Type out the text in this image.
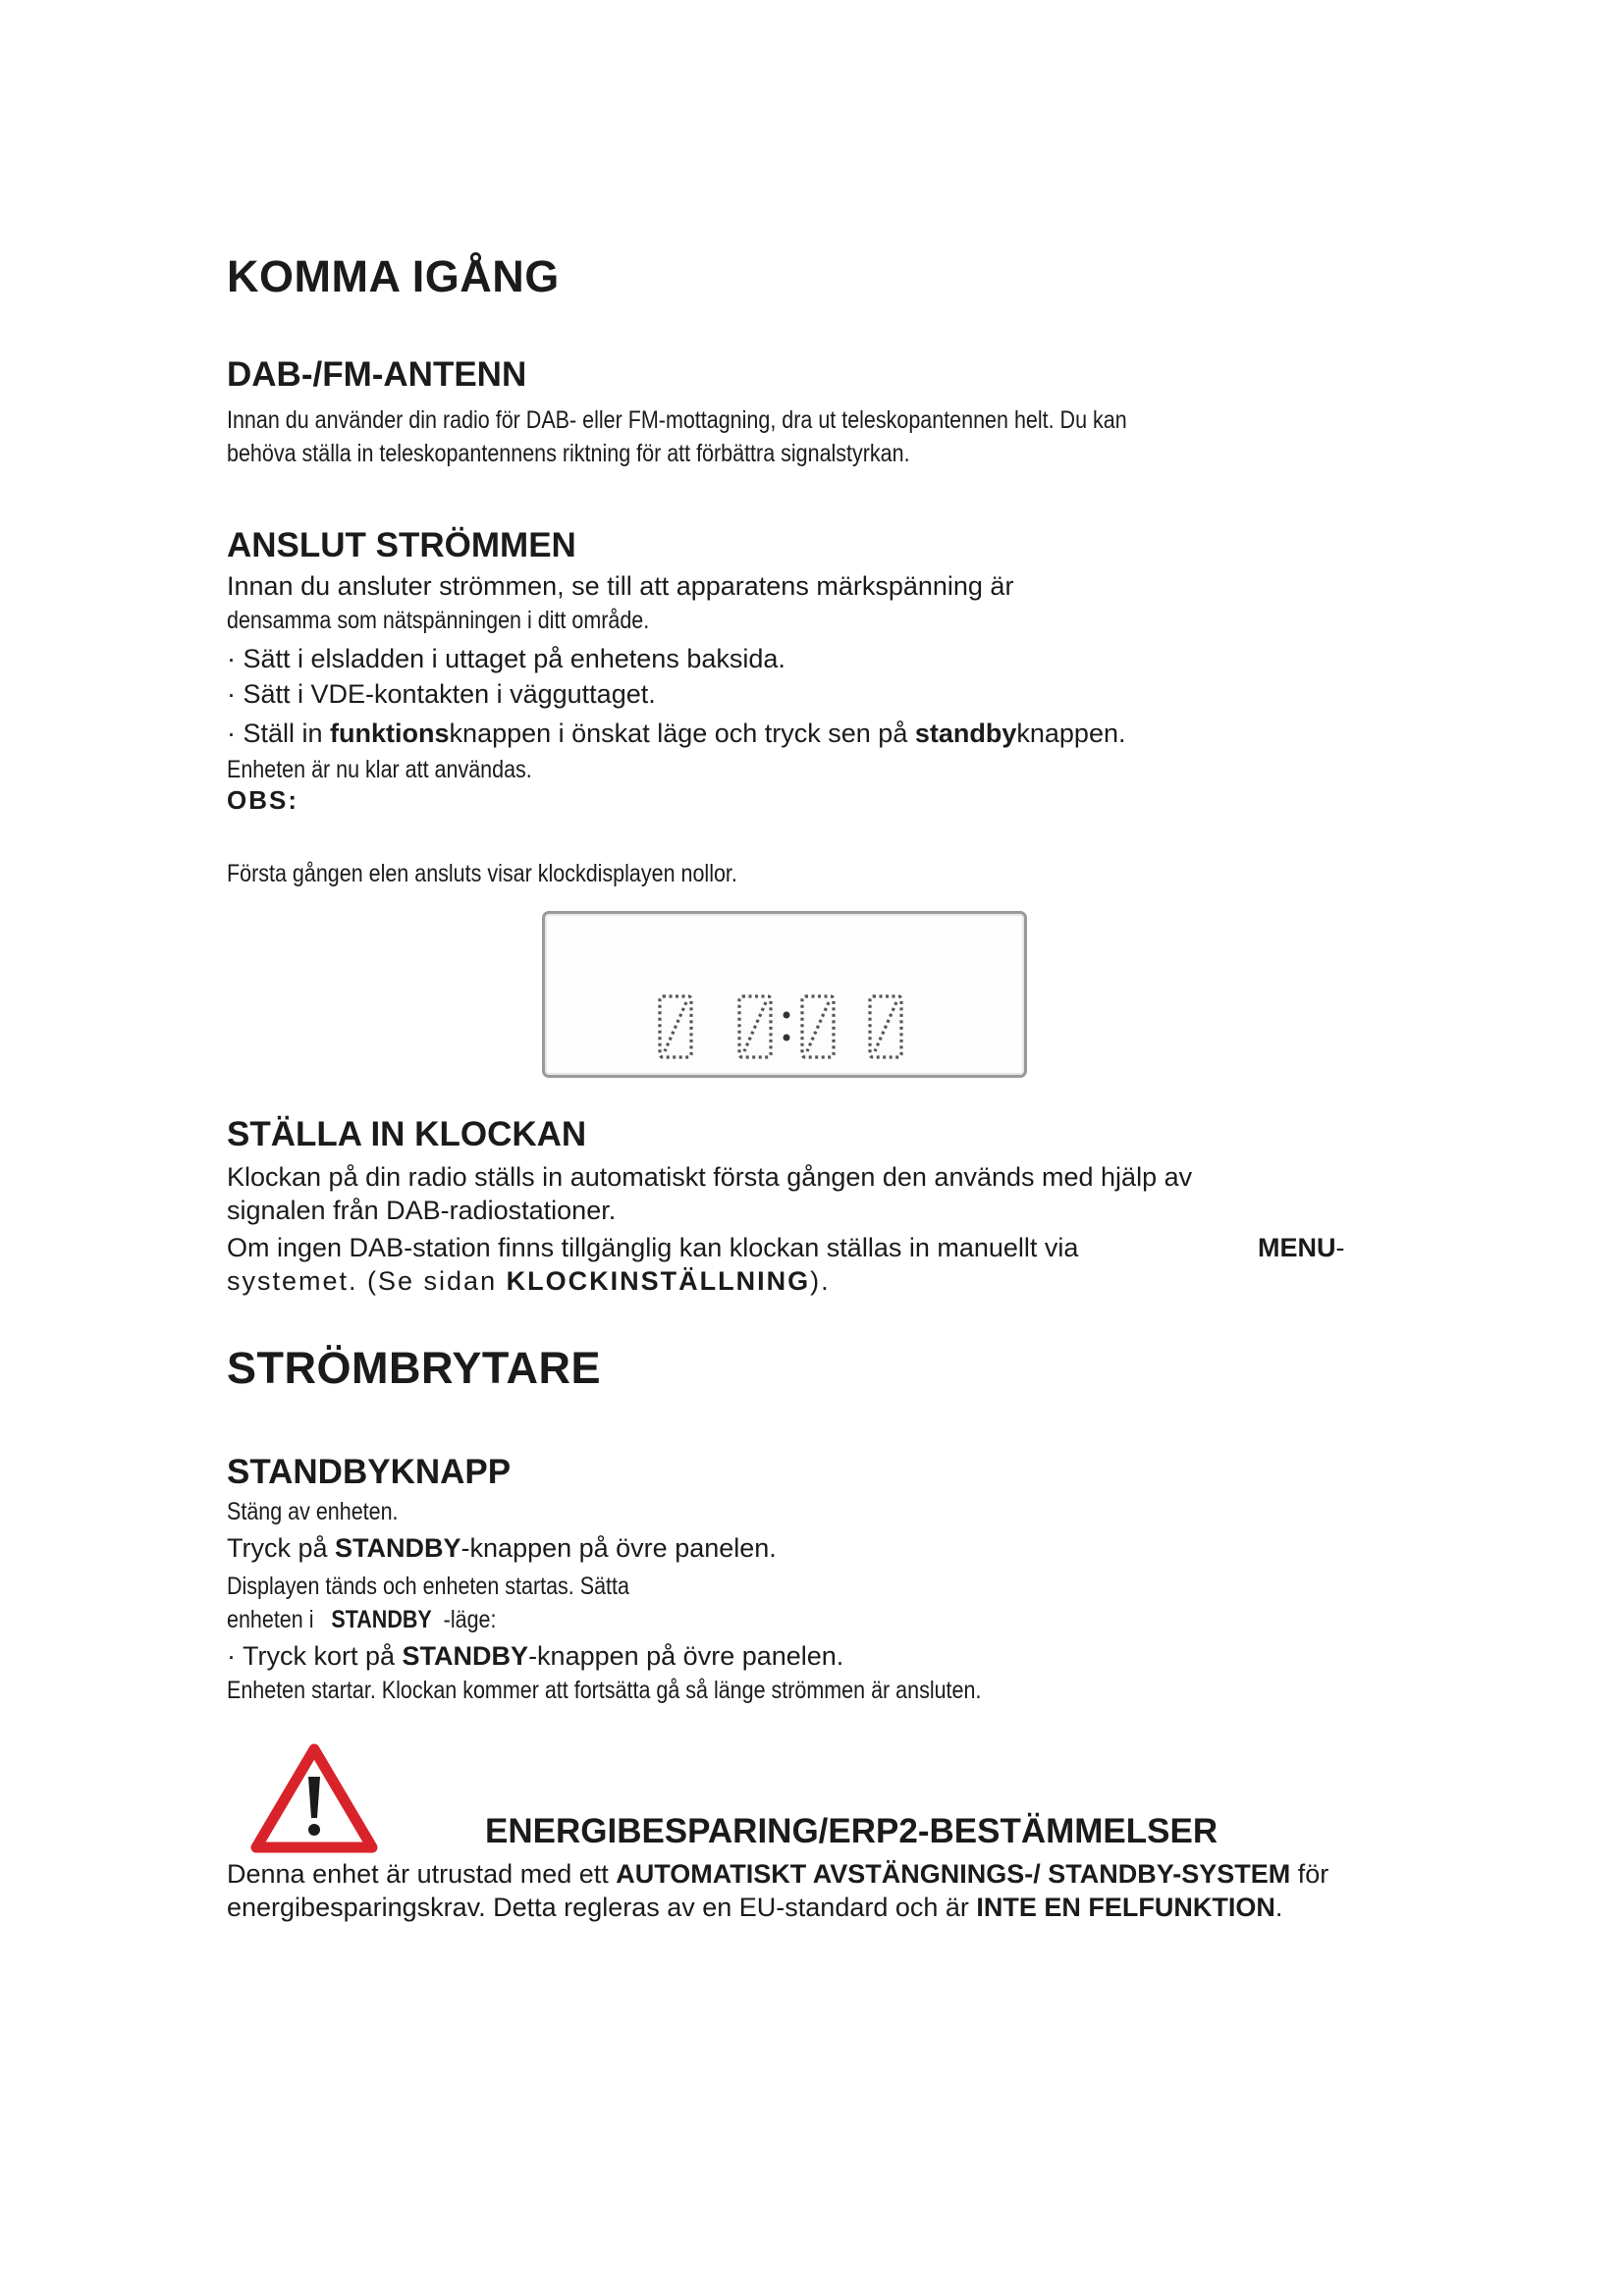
KOMMA IGÅNG
DAB-/FM-ANTENN
Innan du använder din radio för DAB- eller FM-mottagning, dra ut teleskopantennen helt. Du kan
behöva ställa in teleskopantennens riktning för att förbättra signalstyrkan.
ANSLUT STRÖMMEN
Innan du ansluter strömmen, se till att apparatens märkspänning är
densamma som nätspänningen i ditt område.
· Sätt i elsladden i uttaget på enhetens baksida.
· Sätt i VDE-kontakten i vägguttaget.
· Ställ in funktionsknappen i önskat läge och tryck sen på standbyknappen.
Enheten är nu klar att användas.
OBS:
Första gången elen ansluts visar klockdisplayen nollor.
00:00
STÄLLA IN KLOCKAN
Klockan på din radio ställs in automatiskt första gången den används med hjälp av
signalen från DAB-radiostationer.
Om ingen DAB-station finns tillgänglig kan klockan ställas in manuellt via	MENU-
systemet. (Se sidan KLOCKINSTÄLLNING).
STRÖMBRYTARE
STANDBYKNAPP
Stäng av enheten.
Tryck på STANDBY-knappen på övre panelen.
Displayen tänds och enheten startas. Sätta
enheten i STANDBY -läge:
· Tryck kort på STANDBY-knappen på övre panelen.
Enheten startar. Klockan kommer att fortsätta gå så länge strömmen är ansluten.
ENERGIBESPARING/ERP2-BESTÄMMELSER
Denna enhet är utrustad med ett AUTOMATISKT AVSTÄNGNINGS-/ STANDBY-SYSTEM för
energibesparingskrav. Detta regleras av en EU-standard och är INTE EN FELFUNKTION.
